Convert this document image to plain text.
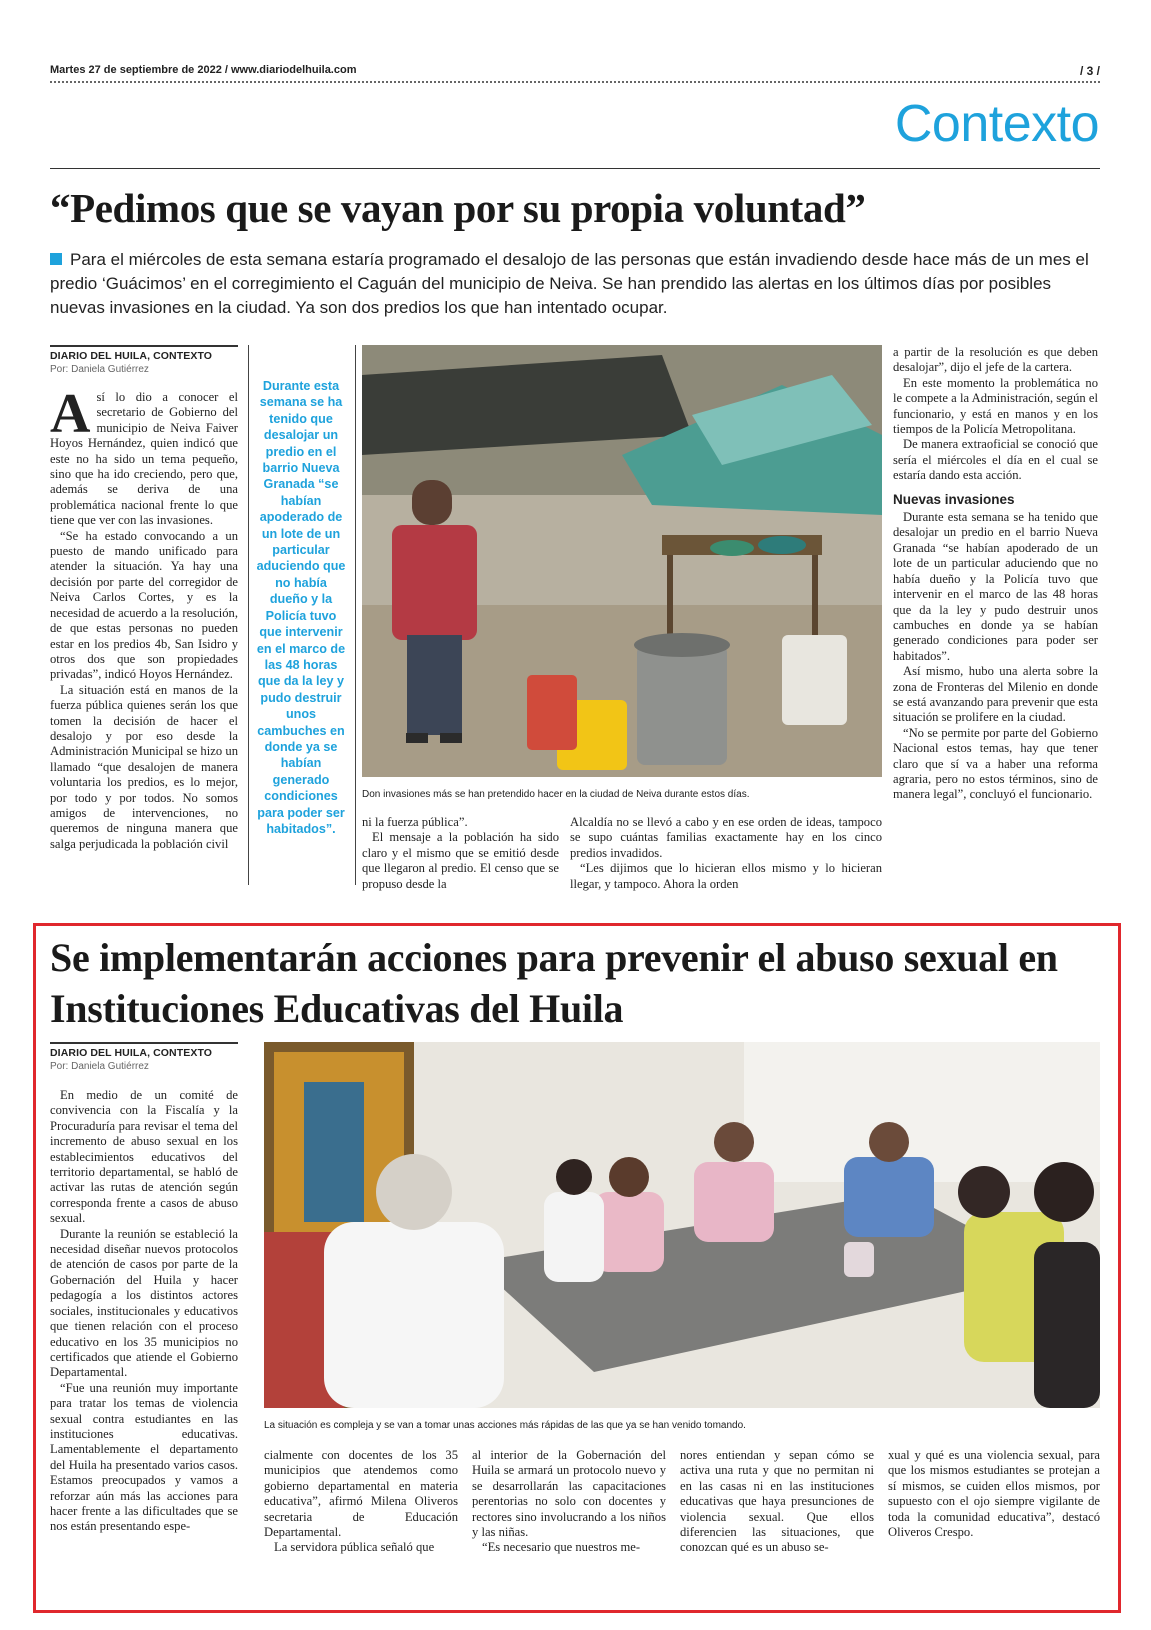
Martes 27 de septiembre de 2022 / www.diariodelhuila.com	/ 3 /
Contexto
“Pedimos que se vayan por su propia voluntad”
Para el miércoles de esta semana estaría programado el desalojo de las personas que están invadiendo desde hace más de un mes el predio ‘Guácimos’ en el corregimiento el Caguán del municipio de Neiva. Se han prendido las alertas en los últimos días por posibles nuevas invasiones en la ciudad. Ya son dos predios los que han intentado ocupar.
DIARIO DEL HUILA, CONTEXTO
Por: Daniela Gutiérrez

Así lo dio a conocer el secretario de Gobierno del municipio de Neiva Faiver Hoyos Hernández, quien indicó que este no ha sido un tema pequeño, sino que ha ido creciendo, pero que, además se deriva de una problemática nacional frente lo que tiene que ver con las invasiones.

“Se ha estado convocando a un puesto de mando unificado para atender la situación. Ya hay una decisión por parte del corregidor de Neiva Carlos Cortes, y es la necesidad de acuerdo a la resolución, de que estas personas no pueden estar en los predios 4b, San Isidro y otros dos que son propiedades privadas”, indicó Hoyos Hernández.

La situación está en manos de la fuerza pública quienes serán los que tomen la decisión de hacer el desalojo y por eso desde la Administración Municipal se hizo un llamado “que desalojen de manera voluntaria los predios, es lo mejor, por todo y por todos. No somos amigos de intervenciones, no queremos de ninguna manera que salga perjudicada la población civil

Durante esta semana se ha tenido que desalojar un predio en el barrio Nueva Granada “se habían apoderado de un lote de un particular aduciendo que no había dueño y la Policía tuvo que intervenir en el marco de las 48 horas que da la ley y pudo destruir unos cambuches en donde ya se habían generado condiciones para poder ser habitados”.
Don invasiones más se han pretendido hacer en la ciudad de Neiva durante estos días.

ni la fuerza pública”.

El mensaje a la población ha sido claro y el mismo que se emitió desde que llegaron al predio. El censo que se propuso desde la

Alcaldía no se llevó a cabo y en ese orden de ideas, tampoco se supo cuántas familias exactamente hay en los cinco predios invadidos.

“Les dijimos que lo hicieran ellos mismo y lo hicieran llegar, y tampoco. Ahora la orden

a partir de la resolución es que deben desalojar”, dijo el jefe de la cartera.

En este momento la problemática no le compete a la Administración, según el funcionario, y está en manos y en los tiempos de la Policía Metropolitana.

De manera extraoficial se conoció que sería el miércoles el día en el cual se estaría dando esta acción.

Nuevas invasiones

Durante esta semana se ha tenido que desalojar un predio en el barrio Nueva Granada “se habían apoderado de un lote de un particular aduciendo que no había dueño y la Policía tuvo que intervenir en el marco de las 48 horas que da la ley y pudo destruir unos cambuches en donde ya se habían generado condiciones para poder ser habitados”.

Así mismo, hubo una alerta sobre la zona de Fronteras del Milenio en donde se está avanzando para prevenir que esta situación se prolifere en la ciudad.

“No se permite por parte del Gobierno Nacional estos temas, hay que tener claro que sí va a haber una reforma agraria, pero no estos términos, sino de manera legal”, concluyó el funcionario.

Se implementarán acciones para prevenir el abuso sexual en Instituciones Educativas del Huila
DIARIO DEL HUILA, CONTEXTO
Por: Daniela Gutiérrez

En medio de un comité de convivencia con la Fiscalía y la Procuraduría para revisar el tema del incremento de abuso sexual en los establecimientos educativos del territorio departamental, se habló de activar las rutas de atención según corresponda frente a casos de abuso sexual.

Durante la reunión se estableció la necesidad diseñar nuevos protocolos de atención de casos por parte de la Gobernación del Huila y hacer pedagogía a los distintos actores sociales, institucionales y educativos que tienen relación con el proceso educativo en los 35 municipios no certificados que atiende el Gobierno Departamental.

“Fue una reunión muy importante para tratar los temas de violencia sexual contra estudiantes en las instituciones educativas. Lamentablemente el departamento del Huila ha presentado varios casos. Estamos preocupados y vamos a reforzar aún más las acciones para hacer frente a las dificultades que se nos están presentando espe-

La situación es compleja y se van a tomar unas acciones más rápidas de las que ya se han venido tomando.

cialmente con docentes de los 35 municipios que atendemos como gobierno departamental en materia educativa”, afirmó Milena Oliveros secretaria de Educación Departamental.

La servidora pública señaló que

al interior de la Gobernación del Huila se armará un protocolo nuevo y se desarrollarán las capacitaciones perentorias no solo con docentes y rectores sino involucrando a los niños y las niñas.

“Es necesario que nuestros me-

nores entiendan y sepan cómo se activa una ruta y que no permitan ni en las casas ni en las instituciones educativas que haya presunciones de violencia sexual. Que ellos diferencien las situaciones, que conozcan qué es un abuso se-

xual y qué es una violencia sexual, para que los mismos estudiantes se protejan a sí mismos, se cuiden ellos mismos, por supuesto con el ojo siempre vigilante de toda la comunidad educativa”, destacó Oliveros Crespo.
